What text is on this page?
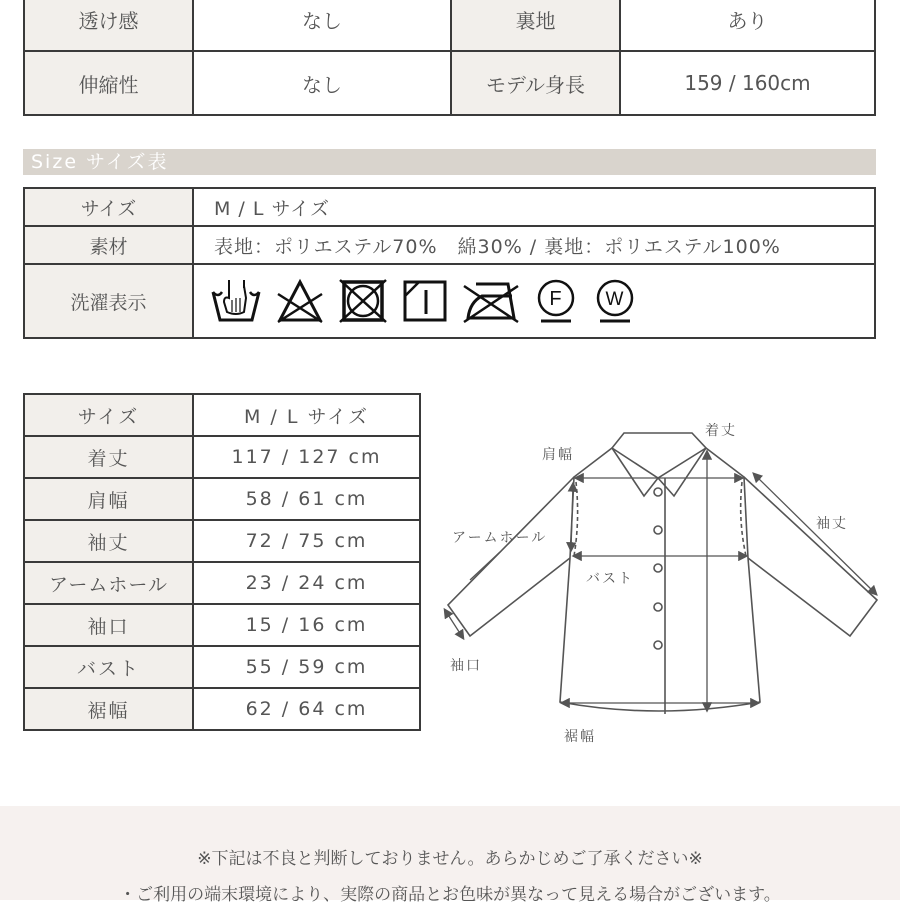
透け感	なし	裏地	あり
伸縮性	なし	モデル身長	159 / 160cm
Size サイズ表
サイズ	M / L サイズ
素材	表地：ポリエステル70%　綿30% / 裏地：ポリエステル100%
洗濯表示	F W
サイズ	M / L サイズ
着丈	117 / 127 cm
肩幅	58 / 61 cm
袖丈	72 / 75 cm
アームホール	23 / 24 cm
袖口	15 / 16 cm
バスト	55 / 59 cm
裾幅	62 / 64 cm
着丈
肩幅
袖丈
アームホール
バスト
袖口
裾幅
※下記は不良と判断しておりません。あらかじめご了承ください※
・ご利用の端末環境により、実際の商品とお色味が異なって見える場合がございます。
